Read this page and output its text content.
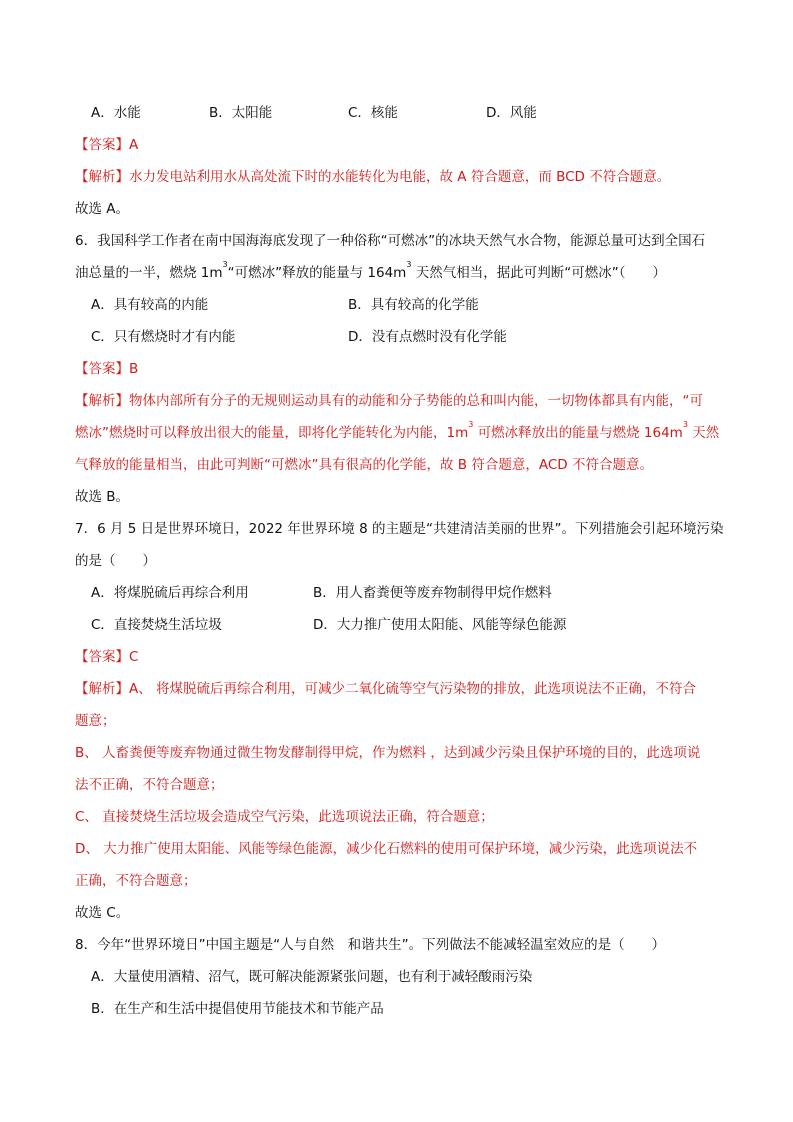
A．水能	B．太阳能	C．核能	D．风能
【答案】A
【解析】水力发电站利用水从高处流下时的水能转化为电能，故 A 符合题意，而 BCD 不符合题意。
故选 A。
6．我国科学工作者在南中国海海底发现了一种俗称“可燃冰”的冰块天然气水合物，能源总量可达到全国石
油总量的一半，燃烧 $1m^3“$可燃冰”释放的能量与 $164m^3$ 天然气相当，据此可判断“可燃冰”（　　）
A．具有较高的内能	B．具有较高的化学能
C．只有燃烧时才有内能	D．没有点燃时没有化学能
【答案】B
【解析】物体内部所有分子的无规则运动具有的动能和分子势能的总和叫内能，一切物体都具有内能，“可
燃冰”燃烧时可以释放出很大的能量，即将化学能转化为内能，$1m^3$ 可燃冰释放出的能量与燃烧 $164m^3$ 天然
气释放的能量相当，由此可判断“可燃冰”具有很高的化学能，故 B 符合题意，ACD 不符合题意。
故选 B。
7．6 月 5 日是世界环境日，2022 年世界环境 8 的主题是“共建清洁美丽的世界”。下列措施会引起环境污染
的是（　　）
A．将煤脱硫后再综合利用	B．用人畜粪便等废弃物制得甲烷作燃料
C．直接焚烧生活垃圾	D．大力推广使用太阳能、风能等绿色能源
【答案】C
【解析】A、 将煤脱硫后再综合利用，可减少二氧化硫等空气污染物的排放，此选项说法不正确，不符合
题意；
B、 人畜粪便等废弃物通过微生物发酵制得甲烷，作为燃料 ，达到减少污染且保护环境的目的，此选项说
法不正确，不符合题意；
C、 直接焚烧生活垃圾会造成空气污染，此选项说法正确，符合题意；
D、 大力推广使用太阳能、风能等绿色能源，减少化石燃料的使用可保护环境，减少污染，此选项说法不
正确，不符合题意；
故选 C。
8．今年“世界环境日”中国主题是“人与自然　和谐共生”。下列做法不能减轻温室效应的是（　　）
A．大量使用酒精、沼气，既可解决能源紧张问题，也有利于减轻酸雨污染
B．在生产和生活中提倡使用节能技术和节能产品
